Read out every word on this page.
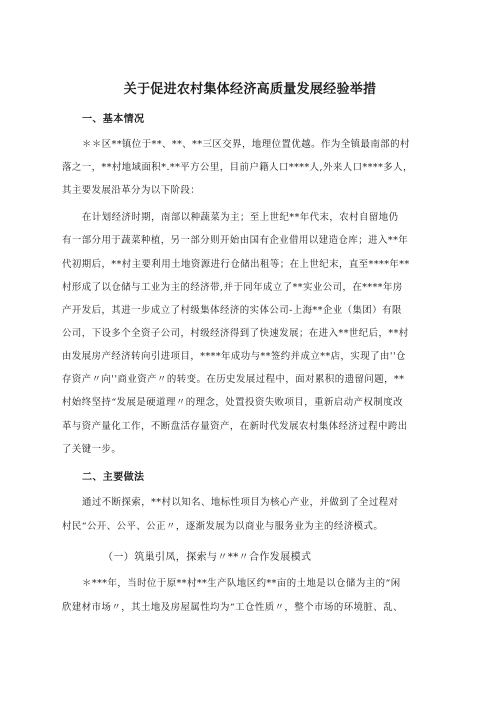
关于促进农村集体经济高质量发展经验举措
一、基本情况
＊＊区**镇位于**、**、**三区交界，地理位置优越。作为全镇最南部的村
落之一，**村地域面积*.**平方公里，目前户籍人口****人,外来人口****多人，
其主要发展沿革分为以下阶段：
在计划经济时期，南部以种蔬菜为主；至上世纪**年代末，农村自留地仍
有一部分用于蔬菜种植，另一部分则开始由国有企业借用以建造仓库；进入**年
代初期后，**村主要利用土地资源进行仓储出租等；在上世纪末，直至****年**
村形成了以仓储与工业为主的经济带,并于同年成立了**实业公司，在****年房
产开发后，其进一步成立了村级集体经济的实体公司-上海**企业（集团）有限
公司，下设多个全资子公司，村级经济得到了快速发展；在进入**世纪后，**村
由发展房产经济转向引进项目，****年成功与**签约并成立**店，实现了由''仓
存资产〃向''商业资产〃的转变。在历史发展过程中，面对累积的遗留问题，**
村始终坚持“发展是硬道理〃的理念，处置投资失败项目，重新启动产权制度改
革与资产量化工作，不断盘活存量资产，在新时代发展农村集体经济过程中跨出
了关键一步。
二、主要做法
通过不断探索，**村以知名、地标性项目为核心产业，并做到了全过程对
村民“公开、公平、公正〃，逐渐发展为以商业与服务业为主的经济模式。
（一）筑巢引凤，探索与〃**〃合作发展模式
＊***年，当时位于原**村**生产队地区约**亩的土地是以仓储为主的“闲
欣建材市场〃，其土地及房屋属性均为“工仓性质〃，整个市场的环境脏、乱、
